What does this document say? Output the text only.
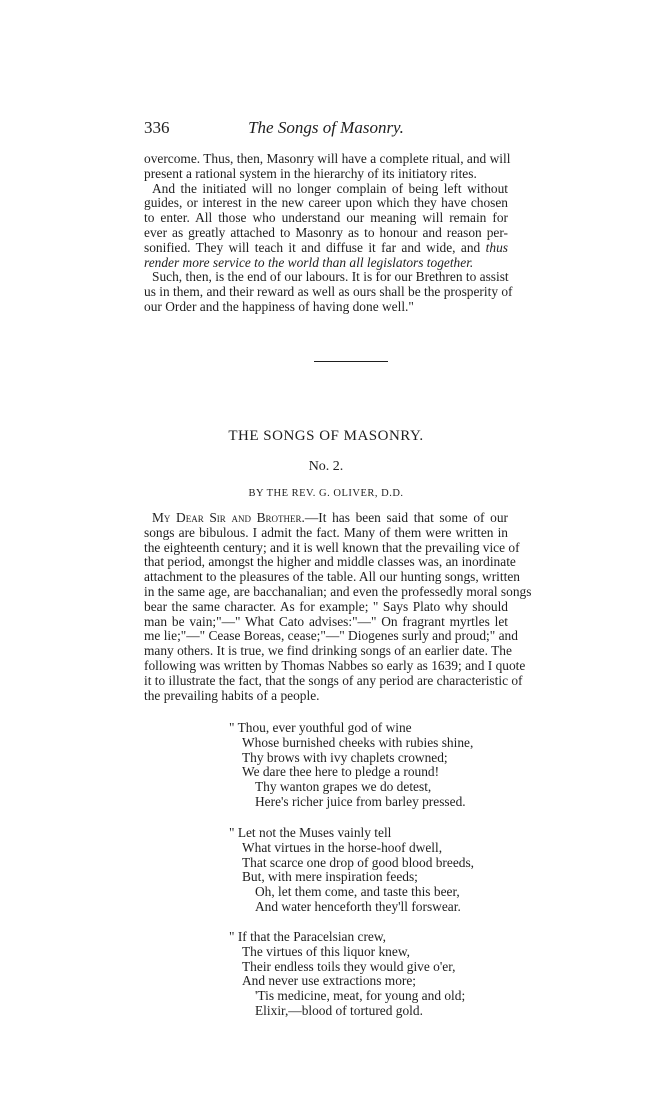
336	The Songs of Masonry.
overcome. Thus, then, Masonry will have a complete ritual, and will
present a rational system in the hierarchy of its initiatory rites.
And the initiated will no longer complain of being left without
guides, or interest in the new career upon which they have chosen
to enter. All those who understand our meaning will remain for
ever as greatly attached to Masonry as to honour and reason per-
sonified. They will teach it and diffuse it far and wide, and thus
render more service to the world than all legislators together.
Such, then, is the end of our labours. It is for our Brethren to assist
us in them, and their reward as well as ours shall be the prosperity of
our Order and the happiness of having done well."
THE SONGS OF MASONRY.
No. 2.
BY THE REV. G. OLIVER, D.D.
My Dear Sir and Brother.—It has been said that some of our
songs are bibulous. I admit the fact. Many of them were written in
the eighteenth century; and it is well known that the prevailing vice of
that period, amongst the higher and middle classes was, an inordinate
attachment to the pleasures of the table. All our hunting songs, written
in the same age, are bacchanalian; and even the professedly moral songs
bear the same character. As for example; " Says Plato why should
man be vain;"—" What Cato advises:"—" On fragrant myrtles let
me lie;"—" Cease Boreas, cease;"—" Diogenes surly and proud;" and
many others. It is true, we find drinking songs of an earlier date. The
following was written by Thomas Nabbes so early as 1639; and I quote
it to illustrate the fact, that the songs of any period are characteristic of
the prevailing habits of a people.
" Thou, ever youthful god of wine
Whose burnished cheeks with rubies shine,
Thy brows with ivy chaplets crowned;
We dare thee here to pledge a round!
Thy wanton grapes we do detest,
Here's richer juice from barley pressed.
" Let not the Muses vainly tell
What virtues in the horse-hoof dwell,
That scarce one drop of good blood breeds,
But, with mere inspiration feeds;
Oh, let them come, and taste this beer,
And water henceforth they'll forswear.
" If that the Paracelsian crew,
The virtues of this liquor knew,
Their endless toils they would give o'er,
And never use extractions more;
'Tis medicine, meat, for young and old;
Elixir,—blood of tortured gold.
